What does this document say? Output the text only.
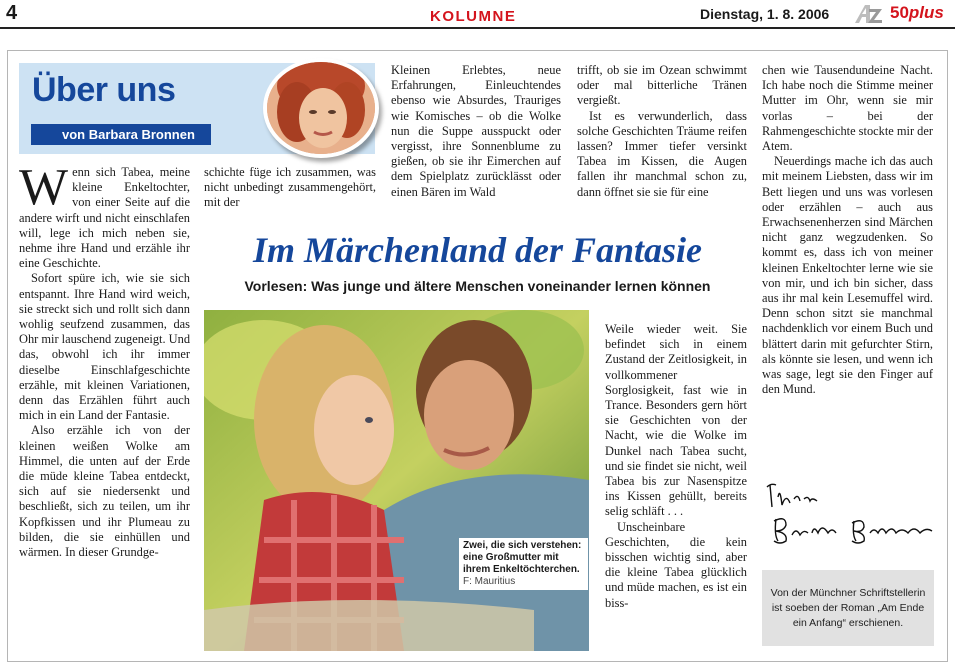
4	KOLUMNE	Dienstag, 1. 8. 2006	50plus
Über uns
von Barbara Bronnen

Wenn sich Tabea, meine kleine Enkeltochter, von einer Seite auf die andere wirft und nicht einschlafen will, lege ich mich neben sie, nehme ihre Hand und erzähle ihr eine Geschichte.

Sofort spüre ich, wie sie sich entspannt. Ihre Hand wird weich, sie streckt sich und rollt sich dann wohlig seufzend zusammen, das Ohr mir lauschend zugeneigt. Und das, obwohl ich ihr immer dieselbe Einschlafgeschichte erzähle, mit kleinen Variationen, denn das Erzählen führt auch mich in ein Land der Fantasie.

Also erzähle ich von der kleinen weißen Wolke am Himmel, die unten auf der Erde die müde kleine Tabea entdeckt, sich auf sie niedersenkt und beschließt, sich zu teilen, um ihr Kopfkissen und ihr Plumeau zu bilden, die sie einhüllen und wärmen. In dieser Grundge-

schichte füge ich zusammen, was nicht unbedingt zusammengehört, mit der

Kleinen Erlebtes, neue Erfahrungen, Einleuchtendes ebenso wie Absurdes, Trauriges wie Komisches – ob die Wolke nun die Suppe ausspuckt oder vergisst, ihre Sonnenblume zu gießen, ob sie ihr Eimerchen auf dem Spielplatz zurücklässt oder einen Bären im Wald

trifft, ob sie im Ozean schwimmt oder mal bitterliche Tränen vergießt.

Ist es verwunderlich, dass solche Geschichten Träume reifen lassen? Immer tiefer versinkt Tabea im Kissen, die Augen fallen ihr manchmal schon zu, dann öffnet sie sie für eine

chen wie Tausendundeine Nacht. Ich habe noch die Stimme meiner Mutter im Ohr, wenn sie mir vorlas – bei der Rahmengeschichte stockte mir der Atem.

Neuerdings mache ich das auch mit meinem Liebsten, dass wir im Bett liegen und uns was vorlesen oder erzählen – auch aus Erwachsenenherzen sind Märchen nicht ganz wegzudenken. So kommt es, dass ich von meiner kleinen Enkeltochter lerne wie sie von mir, und ich bin sicher, dass aus ihr mal kein Lesemuffel wird. Denn schon sitzt sie manchmal nachdenklich vor einem Buch und blättert darin mit gefurchter Stirn, als könnte sie lesen, und wenn ich was sage, legt sie den Finger auf den Mund.

Im Märchenland der Fantasie
Vorlesen: Was junge und ältere Menschen voneinander lernen können
Zwei, die sich verstehen: eine Großmutter mit ihrem Enkeltöchterchen. F: Mauritius

Weile wieder weit. Sie befindet sich in einem Zustand der Zeitlosigkeit, in vollkommener Sorglosigkeit, fast wie in Trance. Besonders gern hört sie Geschichten von der Nacht, wie die Wolke im Dunkel nach Tabea sucht, und sie findet sie nicht, weil Tabea bis zur Nasenspitze ins Kissen gehüllt, bereits selig schläft . . .

Unscheinbare Geschichten, die kein bisschen wichtig sind, aber die kleine Tabea glücklich und müde machen, es ist ein biss-

Von der Münchner Schriftstellerin ist soeben der Roman „Am Ende ein Anfang“ erschienen.
